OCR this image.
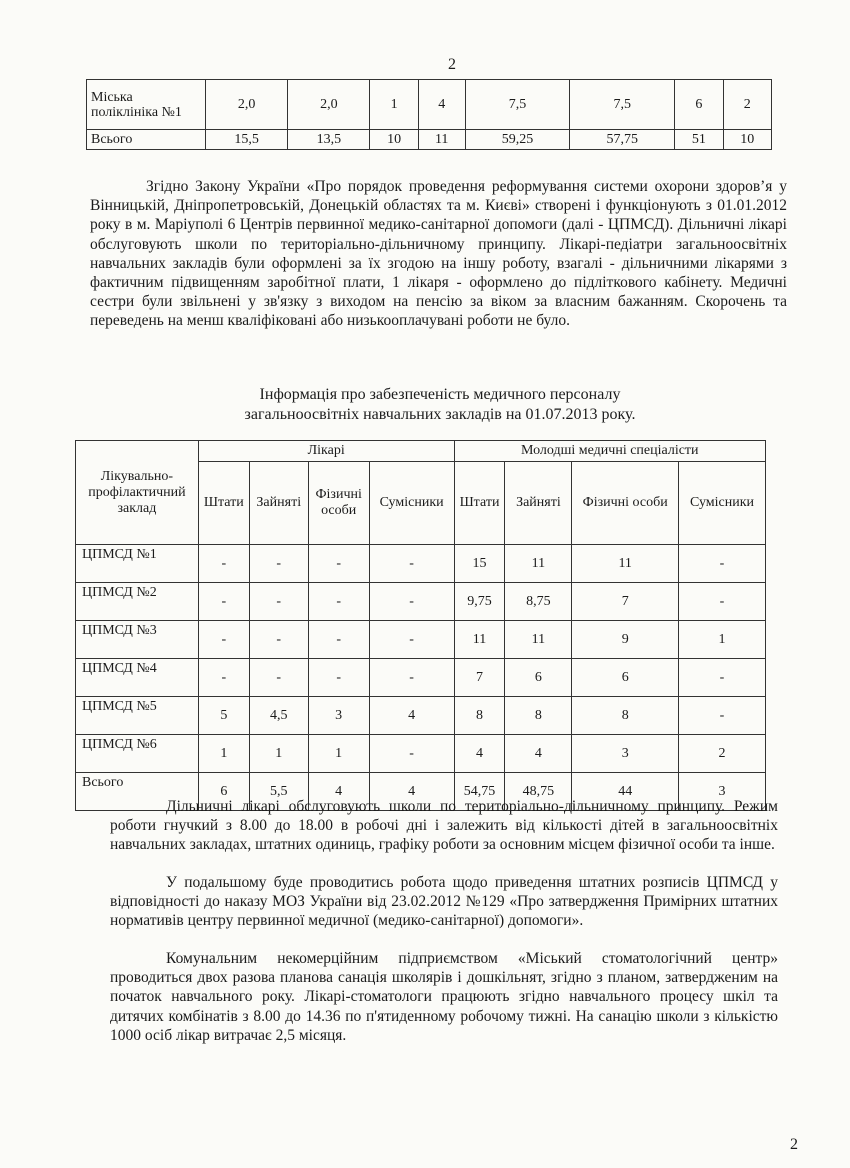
2
Міська поліклініка №1	2,0	2,0	1	4	7,5	7,5	6	2
Всього	15,5	13,5	10	11	59,25	57,75	51	10

Згідно Закону України «Про порядок проведення реформування системи охорони здоров’я у Вінницькій, Дніпропетровській, Донецькій областях та м. Києві» створені і функціонують з 01.01.2012 року в м. Маріуполі 6 Центрів первинної медико-санітарної допомоги (далі - ЦПМСД). Дільничні лікарі обслуговують школи по територіально-дільничному принципу. Лікарі-педіатри загальноосвітніх навчальних закладів були оформлені за їх згодою на іншу роботу, взагалі - дільничними лікарями з фактичним підвищенням заробітної плати, 1 лікаря - оформлено до підліткового кабінету. Медичні сестри були звільнені у зв'язку з виходом на пенсію за віком за власним бажанням. Скорочень та переведень на менш кваліфіковані або низькооплачувані роботи не було.

Інформація про забезпеченість медичного персоналу

загальноосвітніх навчальних закладів на 01.07.2013 року.

Лікувально-профілактичний заклад	Лікарі				Молодші медичні спеціалісти			
	Штати	Зайняті	Фізичні особи	Сумісники	Штати	Зайняті	Фізичні особи	Сумісники
ЦПМСД №1	-	-	-	-	15	11	11	-
ЦПМСД №2	-	-	-	-	9,75	8,75	7	-
ЦПМСД №3	-	-	-	-	11	11	9	1
ЦПМСД №4	-	-	-	-	7	6	6	-
ЦПМСД №5	5	4,5	3	4	8	8	8	-
ЦПМСД №6	1	1	1	-	4	4	3	2
Всього	6	5,5	4	4	54,75	48,75	44	3

Дільничні лікарі обслуговують школи по територіально-дільничному принципу. Режим роботи гнучкий з 8.00 до 18.00 в робочі дні і залежить від кількості дітей в загальноосвітніх навчальних закладах, штатних одиниць, графіку роботи за основним місцем фізичної особи та інше.

У подальшому буде проводитись робота щодо приведення штатних розписів ЦПМСД у відповідності до наказу МОЗ України від 23.02.2012 №129 «Про затвердження Примірних штатних нормативів центру первинної медичної (медико-санітарної) допомоги».

Комунальним некомерційним підприємством «Міський стоматологічний центр» проводиться двох разова планова санація школярів і дошкільнят, згідно з планом, затвердженим на початок навчального року. Лікарі-стоматологи працюють згідно навчального процесу шкіл та дитячих комбінатів з 8.00 до 14.36 по п'ятиденному робочому тижні. На санацію школи з кількістю 1000 осіб лікар витрачає 2,5 місяця.

2
